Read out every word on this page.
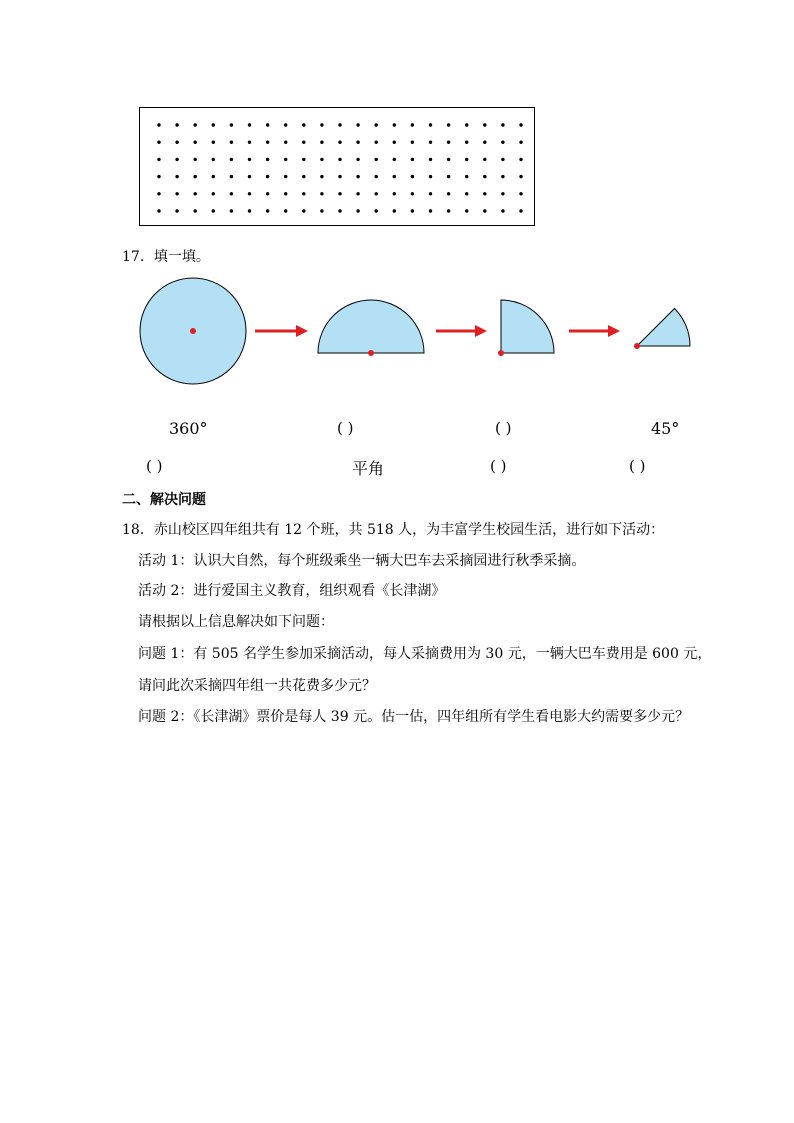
17．填一填。
360°	( )	( )	45°
( )	平角	( )	( )
二、解决问题
18．赤山校区四年组共有 12 个班，共 518 人，为丰富学生校园生活，进行如下活动：
活动 1：认识大自然，每个班级乘坐一辆大巴车去采摘园进行秋季采摘。
活动 2：进行爱国主义教育，组织观看《长津湖》
请根据以上信息解决如下问题：
问题 1：有 505 名学生参加采摘活动，每人采摘费用为 30 元，一辆大巴车费用是 600 元，
请问此次采摘四年组一共花费多少元？
问题 2：《长津湖》票价是每人 39 元。估一估，四年组所有学生看电影大约需要多少元？
